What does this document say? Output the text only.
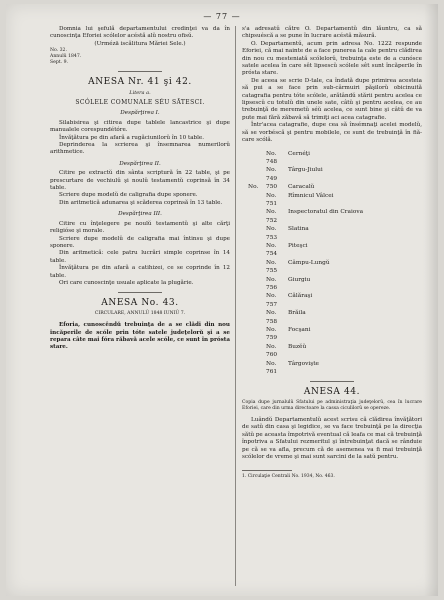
— 77 —

Domnia lui şefulă departamentului credinţei va da în cunoscinţa Eforiei scólelor acéstă alŭ nostru ofisŭ.

(Urmézā iscălitura Măriei Sele.)

No. 32.
Annulŭ 1847.
Sept. 9.
ANESA Nr. 41 şi 42.
Litera a.
SCÓLELE COMUNALE SÉU SĂTESCI.
Despărţirea I.

Silabisirea şi citirea dupe tablele lancastrice şi dupe manualele corespundétóre.

Învăţătura pe din afară a rugăciunilorŭ în 10 table.

Deprinderea la scrierea şi însemnarea numerilorŭ arithmetice.

Despărţirea II.

Citire pe extractŭ din sânta scriptură în 22 table, şi pe prescurtare de vechiulŭ şi noulŭ testamentŭ coprinsă în 34 table.

Scriere dupe modelŭ de caligrafia dupe sponere.

Din aritmetică adunarea şi scăderea coprinsă în 13 table.

Despărţirea III.

Citire cu înţelegere pe noulŭ testamentŭ şi alte cărţi religióse şi morale.

Scriere dupe modelŭ de caligrafia mai întinsu şi dupe sponere.

Din aritmetică: cele patru lucrări simple coprinse în 14 table.

Învăţătura pe din afară a catihizei, ce se coprinde în 12 table.

Ori care cunoscinţe usuale aplicate la plugărie.

ANESA No. 43.
CIRCULARE, ANNULŬ 1848 IUNIŬ 7.

Eforia, cunoscêndŭ trebuinţa de a se clădi din nou încăperile de scóle prin tóte satele judeţelorŭ şi a se repara câte mai fóra răbavă acele scóle, ce sunt în prósta stare.

s'a adresatŭ către O. Departamentŭ din lăuntru, ca să chipsuéscă a se pune în lucrare acéstă măsură.

O. Departamentŭ, acum prin adresa No. 1222 respunde Eforiei, că mai nainte de a face punerea la cale pentru clădirea din nou cu mesteniată scólelorŭ, trebuinţa este de a cunósce satele acelea în care sêt lipsescŭ scólele sêt sunt încăperile în prósta stare.

De aceea se scrie D-tale, ca îndată dupe primirea acesteia să pui a se face prin sub-cârmuiri păşilorŭ obicinuită catagrafia pentru tóte scólele, arătândŭ stării pentru acelea ce lipsescŭ cu totulŭ din unele sate, câtŭ şi pentru acelea, ce au trebuinţă de meremetŭ séŭ acelea, ce sunt bine şi câtŭ de va pute mai fără zăbavă să trimiţi aci acea catagrafie.

Într'acea catagrafie, dupe cea să însémnaţi acelei modelŭ, să se vorbéscă şi pentru mobilele, ce sunt de trebuinţă în fiă-care scólă.

No. 748
Cernéţi
No. 749
Târgu-Jiului
No.	750	Caracalŭ
No. 751
Rîmnicul Vâlcei
No. 752
Inspectoratul din Craiova
No. 753
Slatina
No. 754
Piteşci
No. 755
Câmpu-Lungŭ
No. 756
Giurgiu
No. 757
Călăraşi
No. 758
Brăila
No. 759
Focşani
No. 760
Buzĕŭ
No. 761
Târgovişte
ANESA 44.

Copia dupe jurnalulŭ Sfatului pe administraţia judeţelorŭ, cea în lucrare Eforiei, care din urma directoare la cassa ciculilorŭ se opereze.

Luândŭ Departamentulŭ acest scrisu că clădirea învăţători de satŭ din casa şi legidice, se va face trebuinţă pe la direcţia sătŭ pe aceasta împotrivă eventual că leafa ce mai că trebuinţă înpotriva a Sfatului rezmeritul şi întrebuinţat dacă se rânduie pe că se va afla, precum că de asemenea va fi mai trebuinţă scólelor de vreme şi mai sunt sarcini de la satŭ pentru.

1. Circulaţie Centrali No. 1934, No. 463.
